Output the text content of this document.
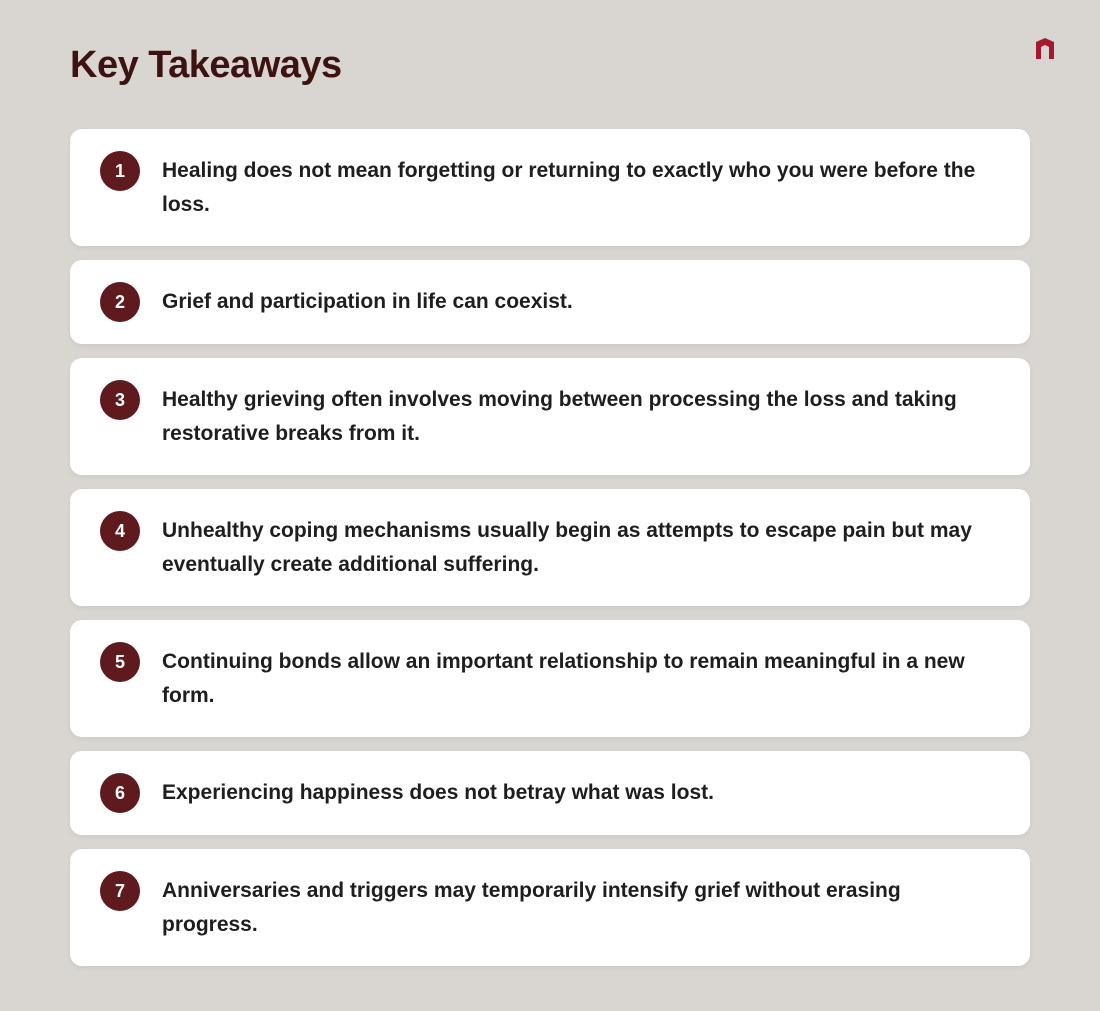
Key Takeaways
1	Healing does not mean forgetting or returning to exactly who you were before the loss.
2	Grief and participation in life can coexist.
3	Healthy grieving often involves moving between processing the loss and taking restorative breaks from it.
4	Unhealthy coping mechanisms usually begin as attempts to escape pain but may eventually create additional suffering.
5	Continuing bonds allow an important relationship to remain meaningful in a new form.
6	Experiencing happiness does not betray what was lost.
7	Anniversaries and triggers may temporarily intensify grief without erasing progress.
